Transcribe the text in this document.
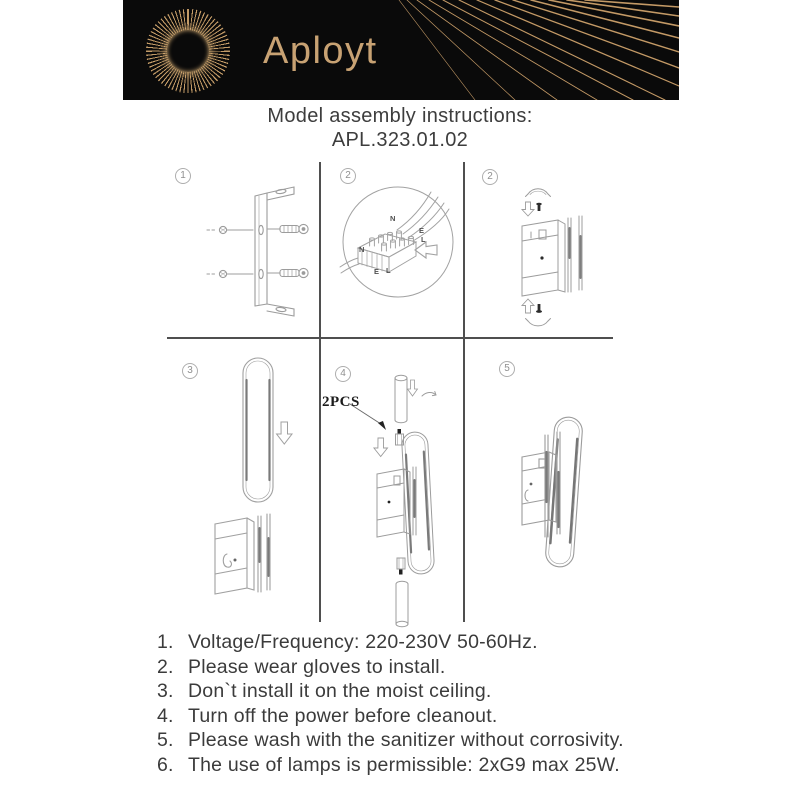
Aployt
Model assembly instructions:
APL.323.01.02
1	2	2
3	4	5
N
E
L
N
E L
2PCS
1. Voltage/Frequency: 220-230V 50-60Hz.
2. Please wear gloves to install.
3. Don`t install it on the moist ceiling.
4. Turn off the power before cleanout.
5. Please wash with the sanitizer without corrosivity.
6. The use of lamps is permissible: 2xG9 max 25W.
